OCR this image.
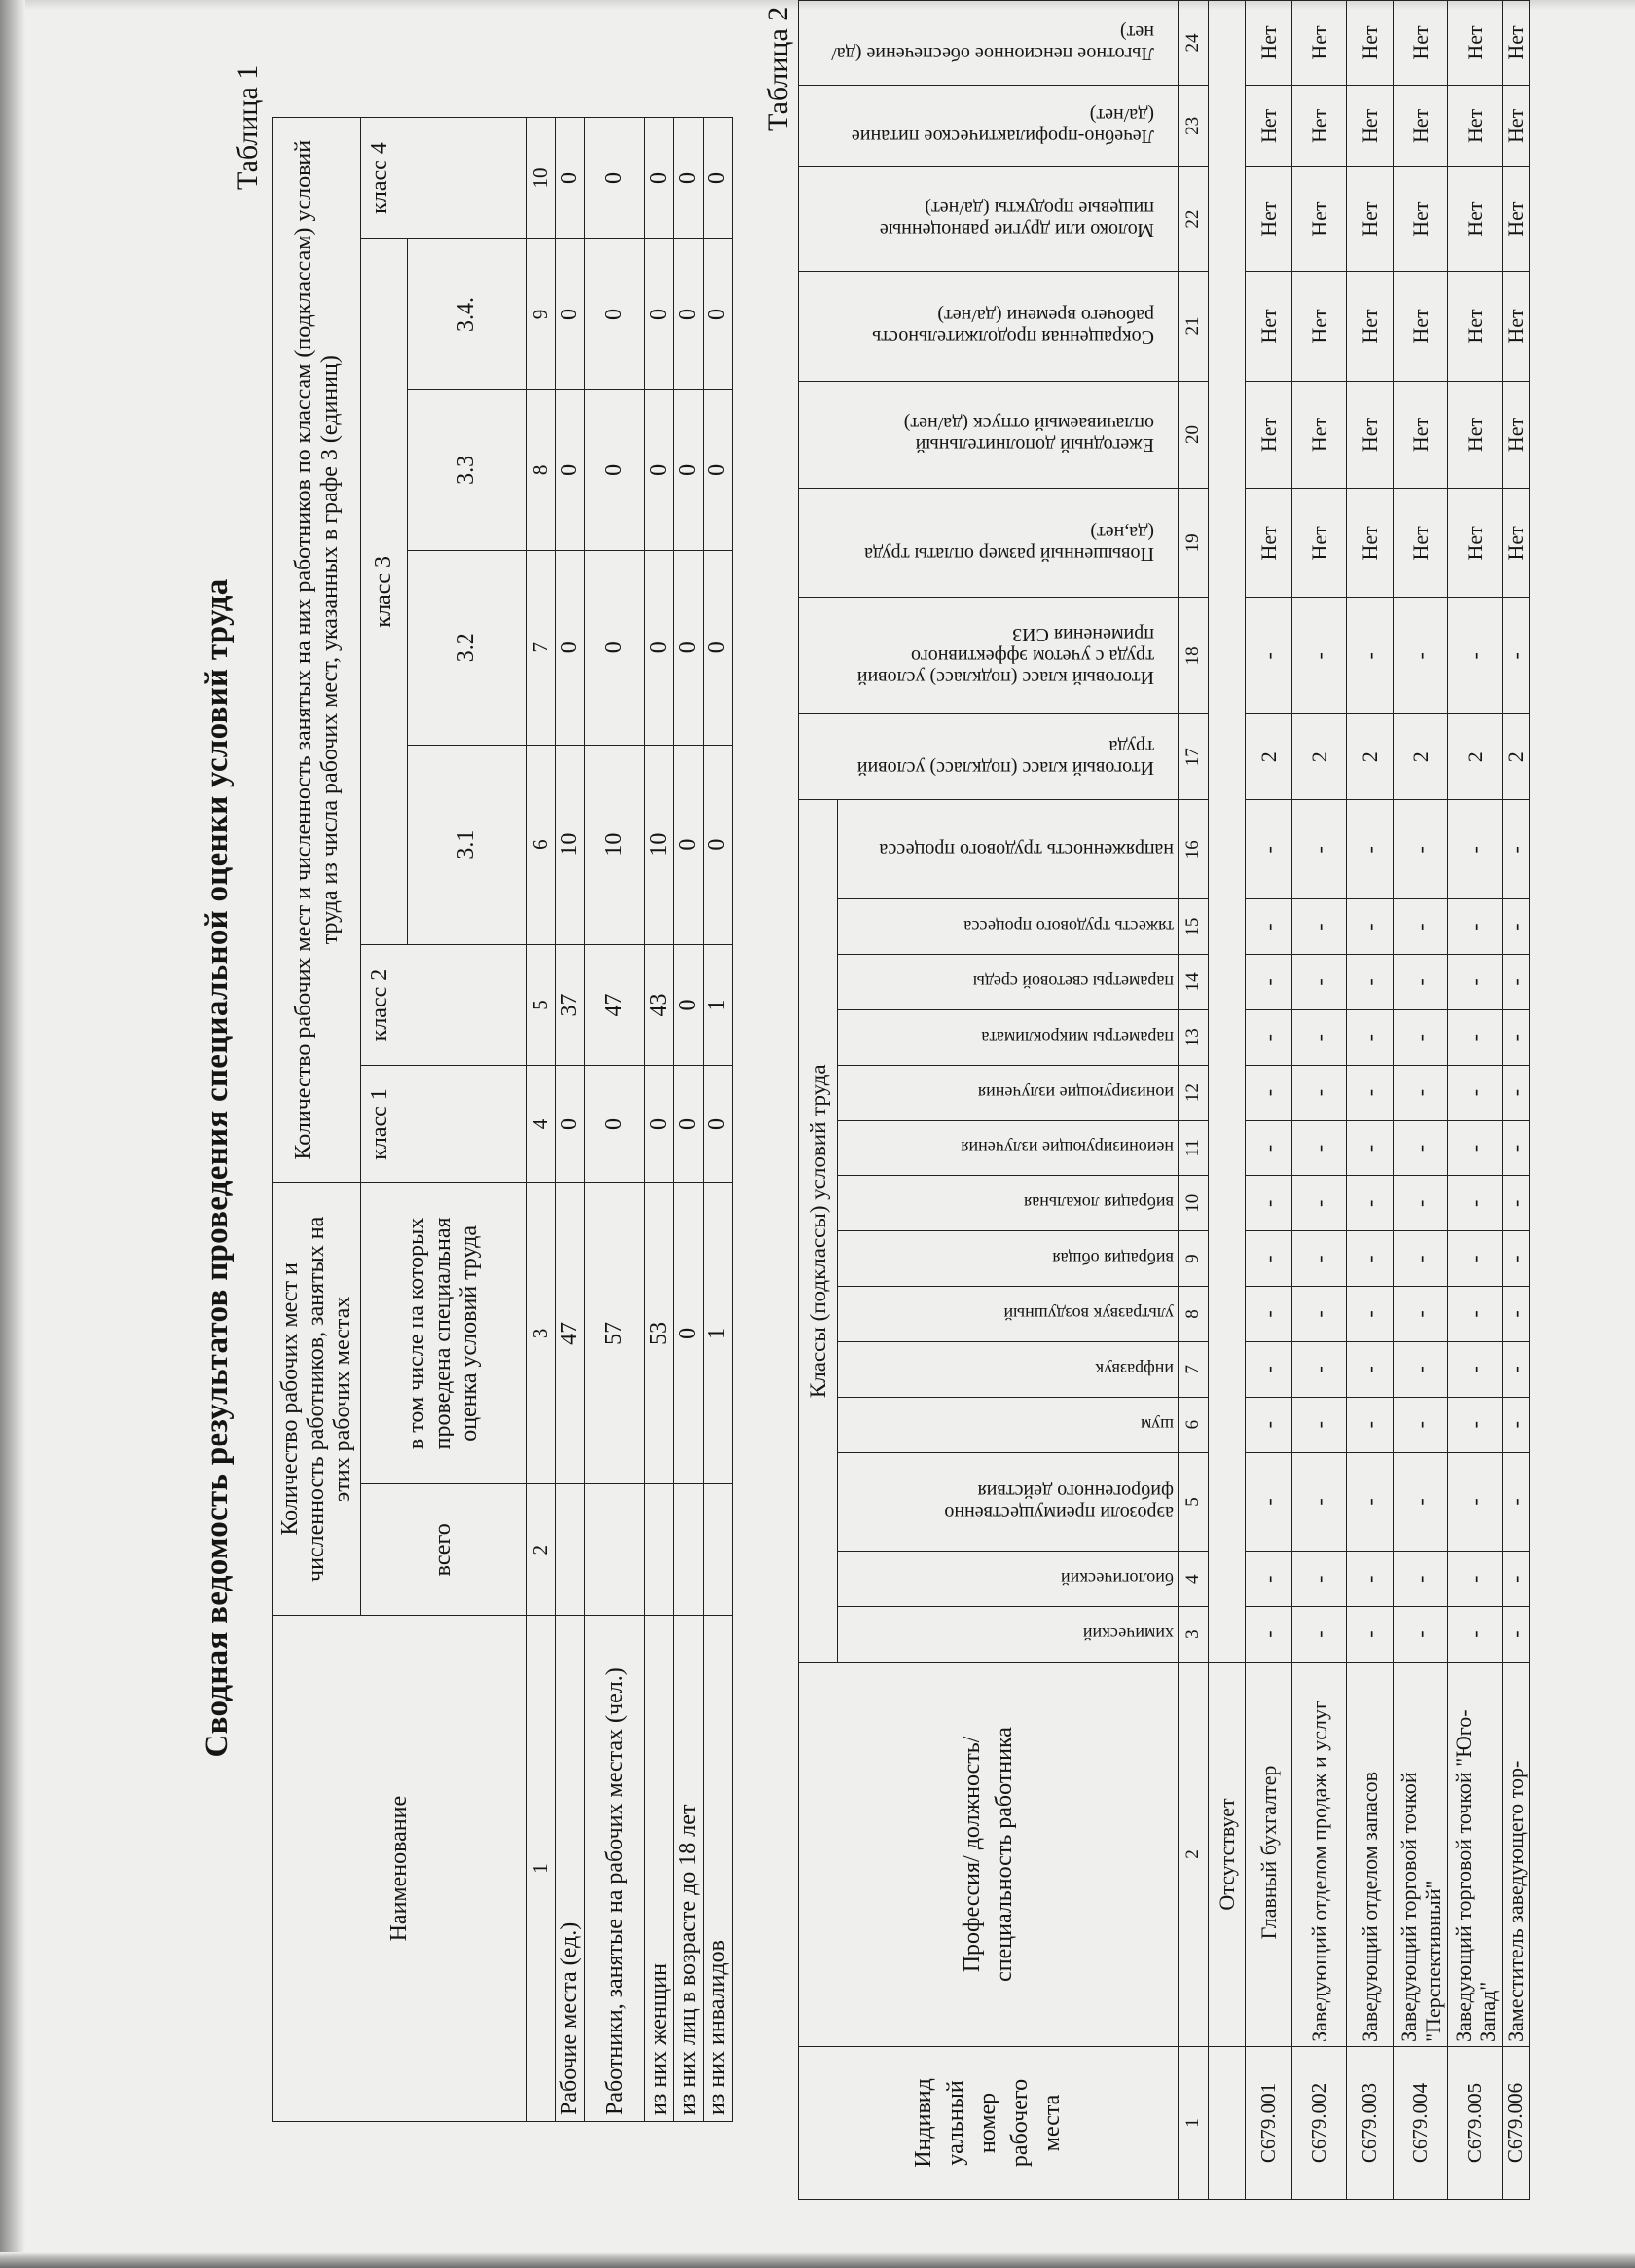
Сводная ведомость результатов проведения специальной оценки условий труда
Таблица 1
Наименование	Количество рабочих мест и численность работников, занятых на этих рабочих местах		Количество рабочих мест и численность занятых на них работников по классам (подклассам) условий труда из числа рабочих мест, указанных в графе 3 (единиц)						
	всего	в том числе на которых проведена специальная оценка условий труда	класс 1	класс 2	класс 3				класс 4
					3.1	3.2	3.3	3.4.	
1	2	3	4	5	6	7	8	9	10
Рабочие места (ед.)		47	0	37	10	0	0	0	0
Работники, занятые на рабочих местах (чел.)		57	0	47	10	0	0	0	0
из них женщин		53	0	43	10	0	0	0	0
из них лиц в возрасте до 18 лет		0	0	0	0	0	0	0	0
из них инвалидов		1	0	1	0	0	0	0	0
Таблица 2
Индивидуальный номер рабочего места	Профессия/ должность/ специальность работника	Классы (подклассы) условий труда														Итоговый класс (подкласс) условий труда	Итоговый класс (подкласс) условий труда с учетом эффективного применения СИЗ	Повышенный размер оплаты труда (да,нет)	Ежегодный дополнительный оплачиваемый отпуск (да/нет)	Сокращенная продолжительность рабочего времени (да/нет)	Молоко или другие равноценные пищевые продукты (да/нет)	Лечебно-профилактическое питание (да/нет)	Льготное пенсионное обеспечение (да/нет)

		химический	биологический	аэрозоли преимущественно фиброгенного действия	шум	инфразвук	ультразвук воздушный	вибрация общая	вибрация локальная	неионизирующие излучения	ионизирующие излучения	параметры микроклимата	параметры световой среды	тяжесть трудового процесса	напряженность трудового процесса								

1	2	3	4	5	6	7	8	9	10	11	12	13	14	15	16	17	18	19	20	21	22	23	24
	Отсутствует																						
С679.001	Главный бухгалтер	-	-	-	-	-	-	-	-	-	-	-	-	-	-	2	-	Нет	Нет	Нет	Нет	Нет	Нет
С679.002	Заведующий отделом продаж и услуг	-	-	-	-	-	-	-	-	-	-	-	-	-	-	2	-	Нет	Нет	Нет	Нет	Нет	Нет
С679.003	Заведующий отделом запасов	-	-	-	-	-	-	-	-	-	-	-	-	-	-	2	-	Нет	Нет	Нет	Нет	Нет	Нет
С679.004	Заведующий торговой точкой "Перспективный"	-	-	-	-	-	-	-	-	-	-	-	-	-	-	2	-	Нет	Нет	Нет	Нет	Нет	Нет
С679.005	Заведующий торговой точкой "Юго-Запад"	-	-	-	-	-	-	-	-	-	-	-	-	-	-	2	-	Нет	Нет	Нет	Нет	Нет	Нет
С679.006	Заместитель заведующего тор-	-	-	-	-	-	-	-	-	-	-	-	-	-	-	2	-	Нет	Нет	Нет	Нет	Нет	Нет
